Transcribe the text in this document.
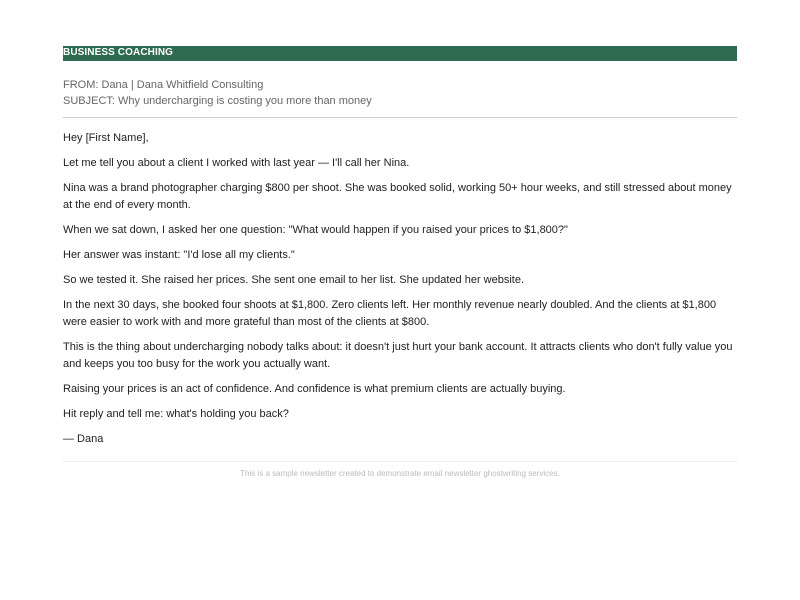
BUSINESS COACHING
FROM: Dana | Dana Whitfield Consulting
SUBJECT: Why undercharging is costing you more than money

Hey [First Name],

Let me tell you about a client I worked with last year — I'll call her Nina.

Nina was a brand photographer charging $800 per shoot. She was booked solid, working 50+ hour weeks, and still stressed about money at the end of every month.

When we sat down, I asked her one question: "What would happen if you raised your prices to $1,800?"

Her answer was instant: "I'd lose all my clients."

So we tested it. She raised her prices. She sent one email to her list. She updated her website.

In the next 30 days, she booked four shoots at $1,800. Zero clients left. Her monthly revenue nearly doubled. And the clients at $1,800 were easier to work with and more grateful than most of the clients at $800.

This is the thing about undercharging nobody talks about: it doesn't just hurt your bank account. It attracts clients who don't fully value you and keeps you too busy for the work you actually want.

Raising your prices is an act of confidence. And confidence is what premium clients are actually buying.

Hit reply and tell me: what's holding you back?

— Dana

This is a sample newsletter created to demonstrate email newsletter ghostwriting services.
